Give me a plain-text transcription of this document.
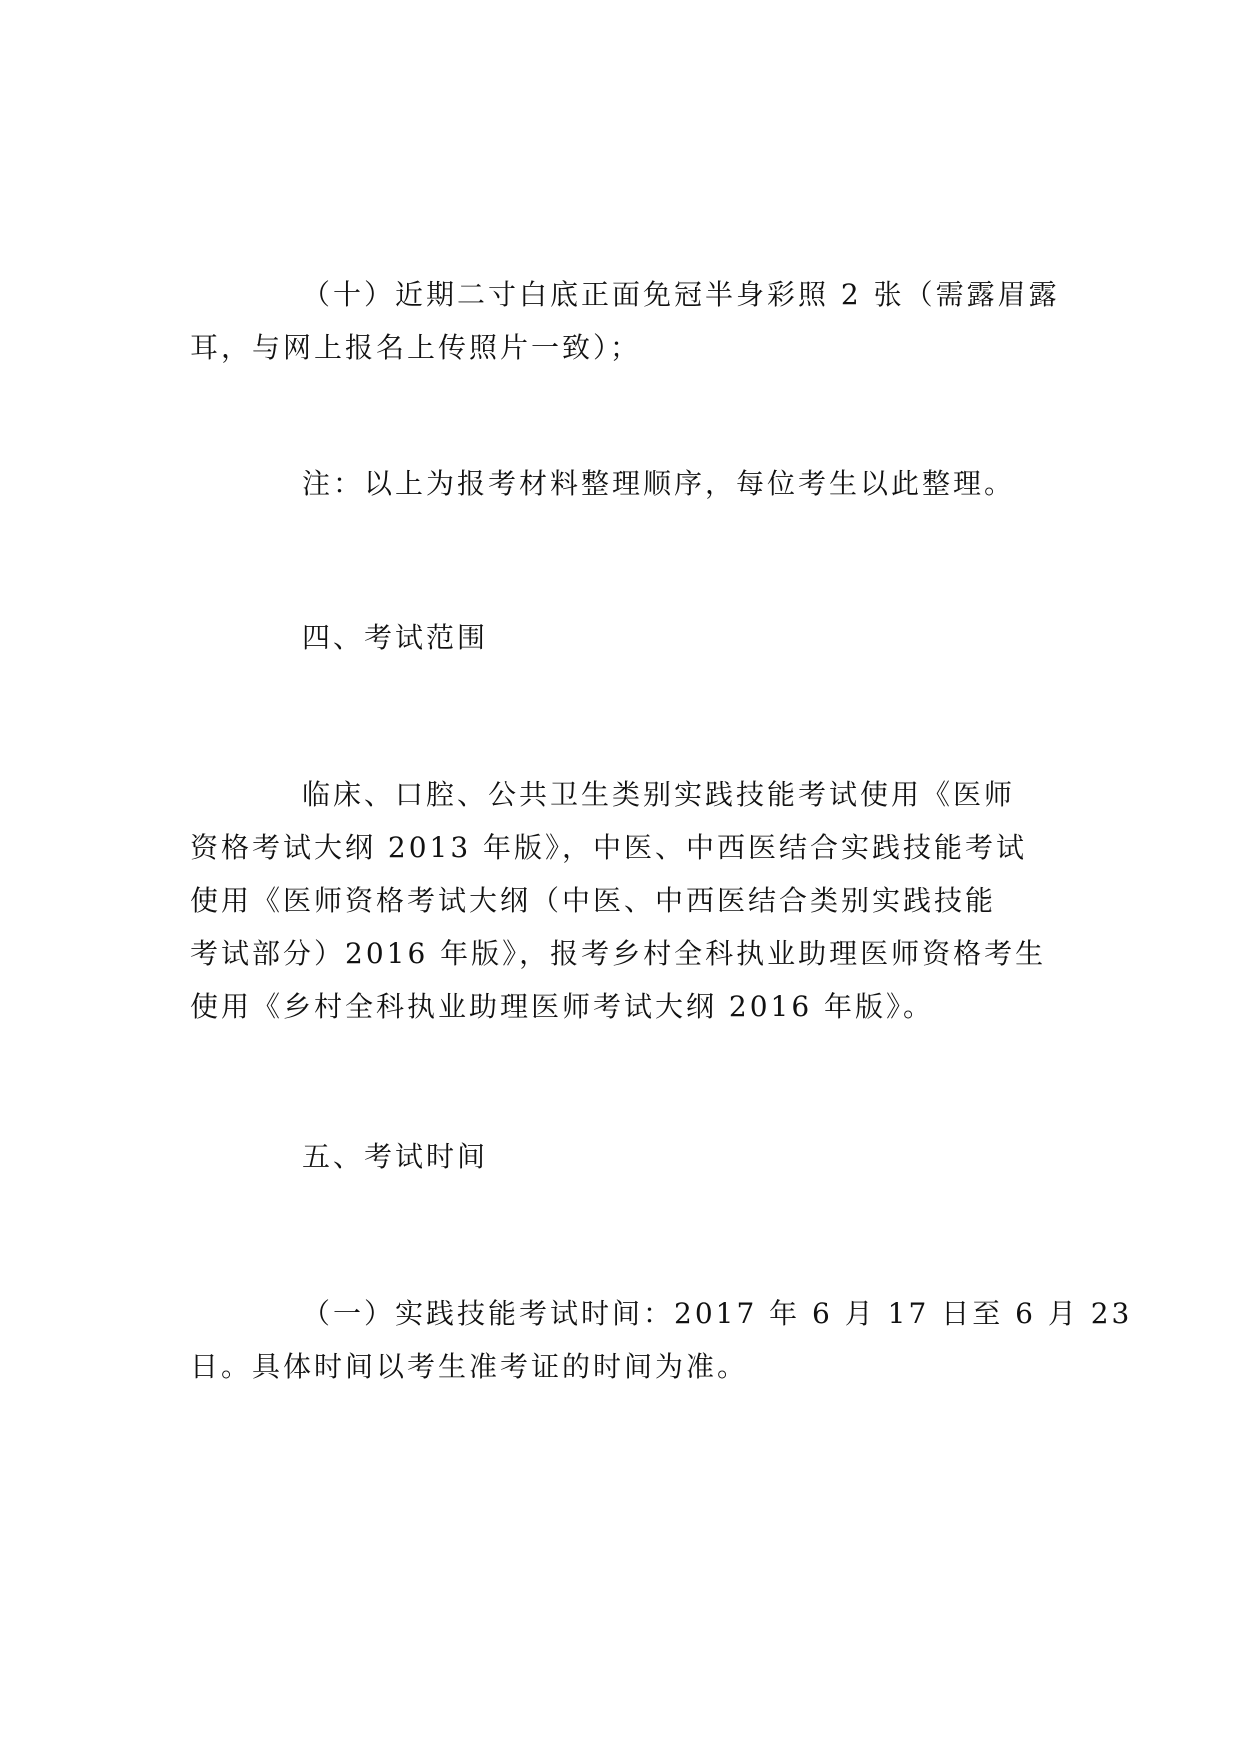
（十）近期二寸白底正面免冠半身彩照 2 张（需露眉露
耳，与网上报名上传照片一致）；

注：以上为报考材料整理顺序，每位考生以此整理。

四、考试范围

临床、口腔、公共卫生类别实践技能考试使用《医师
资格考试大纲 2013 年版》，中医、中西医结合实践技能考试
使用《医师资格考试大纲（中医、中西医结合类别实践技能
考试部分）2016 年版》，报考乡村全科执业助理医师资格考生
使用《乡村全科执业助理医师考试大纲 2016 年版》。

五、考试时间

（一）实践技能考试时间：2017 年 6 月 17 日至 6 月 23
日。具体时间以考生准考证的时间为准。
